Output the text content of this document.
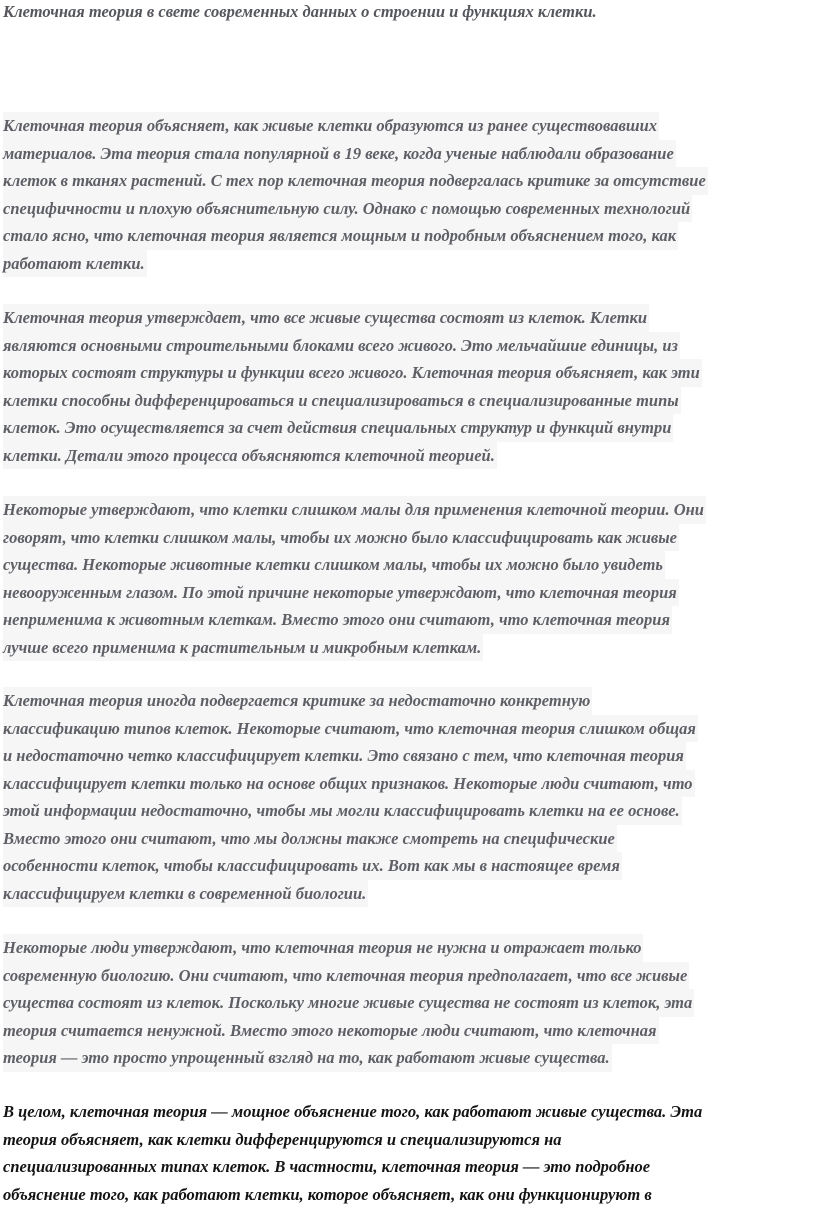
Клеточная теория в свете современных данных о строении и функциях клетки.

Клеточная теория объясняет, как живые клетки образуются из ранее существовавших
материалов. Эта теория стала популярной в 19 веке, когда ученые наблюдали образование
клеток в тканях растений. С тех пор клеточная теория подвергалась критике за отсутствие
специфичности и плохую объяснительную силу. Однако с помощью современных технологий
стало ясно, что клеточная теория является мощным и подробным объяснением того, как
работают клетки.

Клеточная теория утверждает, что все живые существа состоят из клеток. Клетки
являются основными строительными блоками всего живого. Это мельчайшие единицы, из
которых состоят структуры и функции всего живого. Клеточная теория объясняет, как эти
клетки способны дифференцироваться и специализироваться в специализированные типы
клеток. Это осуществляется за счет действия специальных структур и функций внутри
клетки. Детали этого процесса объясняются клеточной теорией.

Некоторые утверждают, что клетки слишком малы для применения клеточной теории. Они
говорят, что клетки слишком малы, чтобы их можно было классифицировать как живые
существа. Некоторые животные клетки слишком малы, чтобы их можно было увидеть
невооруженным глазом. По этой причине некоторые утверждают, что клеточная теория
неприменима к животным клеткам. Вместо этого они считают, что клеточная теория
лучше всего применима к растительным и микробным клеткам.

Клеточная теория иногда подвергается критике за недостаточно конкретную
классификацию типов клеток. Некоторые считают, что клеточная теория слишком общая
и недостаточно четко классифицирует клетки. Это связано с тем, что клеточная теория
классифицирует клетки только на основе общих признаков. Некоторые люди считают, что
этой информации недостаточно, чтобы мы могли классифицировать клетки на ее основе.
Вместо этого они считают, что мы должны также смотреть на специфические
особенности клеток, чтобы классифицировать их. Вот как мы в настоящее время
классифицируем клетки в современной биологии.

Некоторые люди утверждают, что клеточная теория не нужна и отражает только
современную биологию. Они считают, что клеточная теория предполагает, что все живые
существа состоят из клеток. Поскольку многие живые существа не состоят из клеток, эта
теория считается ненужной. Вместо этого некоторые люди считают, что клеточная
теория — это просто упрощенный взгляд на то, как работают живые существа.

В целом, клеточная теория — мощное объяснение того, как работают живые существа. Эта
теория объясняет, как клетки дифференцируются и специализируются на
специализированных типах клеток. В частности, клеточная теория — это подробное
объяснение того, как работают клетки, которое объясняет, как они функционируют в
